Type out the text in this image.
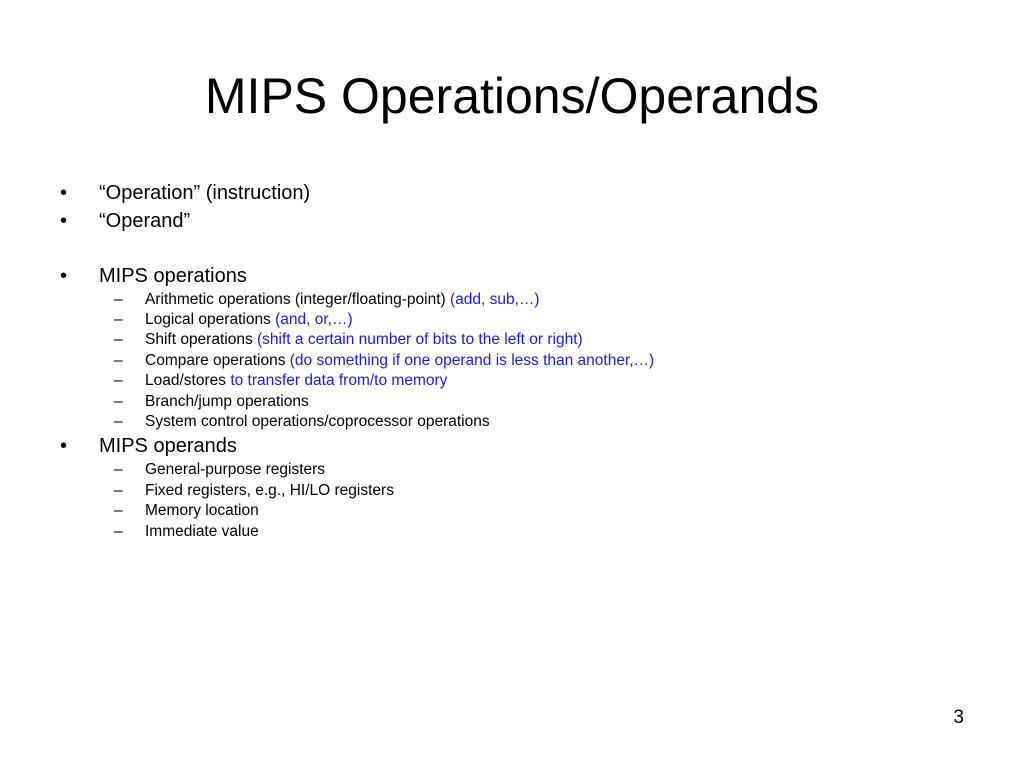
MIPS Operations/Operands
• “Operation” (instruction)
• “Operand”
• MIPS operations
– Arithmetic operations (integer/floating-point) (add, sub,…)
– Logical operations (and, or,…)
– Shift operations (shift a certain number of bits to the left or right)
– Compare operations (do something if one operand is less than another,…)
– Load/stores to transfer data from/to memory
– Branch/jump operations
– System control operations/coprocessor operations
• MIPS operands
– General-purpose registers
– Fixed registers, e.g., HI/LO registers
– Memory location
– Immediate value
3
